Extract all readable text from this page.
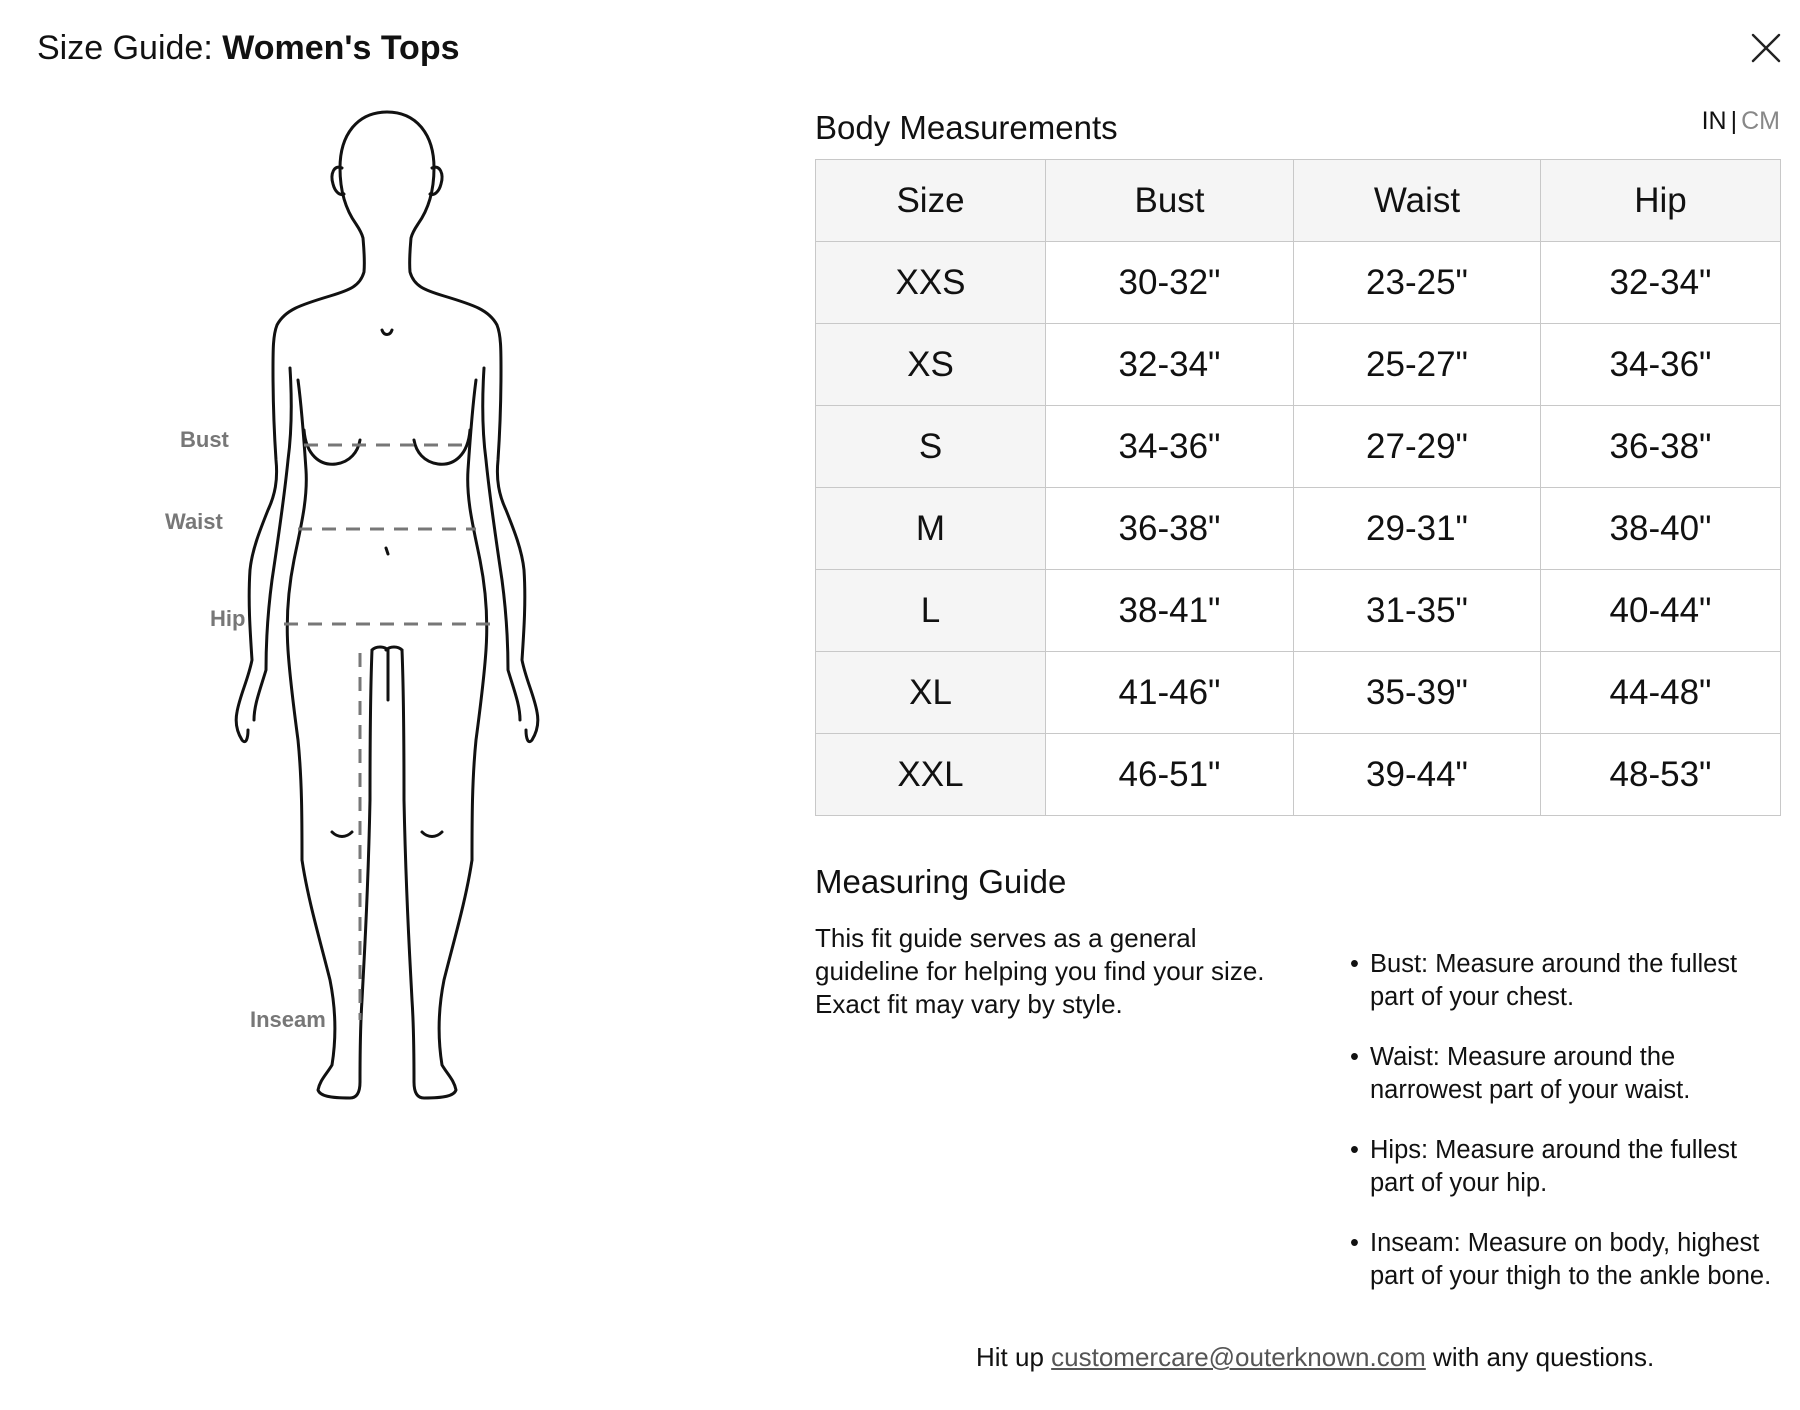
Size Guide: Women's Tops
Bust
Waist
Hip
Inseam
Body Measurements	IN | CM
Size	Bust	Waist	Hip
XXS	30-32"	23-25"	32-34"
XS	32-34"	25-27"	34-36"
S	34-36"	27-29"	36-38"
M	36-38"	29-31"	38-40"
L	38-41"	31-35"	40-44"
XL	41-46"	35-39"	44-48"
XXL	46-51"	39-44"	48-53"
Measuring Guide
This fit guide serves as a general guideline for helping you find your size. Exact fit may vary by style.
• Bust: Measure around the fullest part of your chest.
• Waist: Measure around the narrowest part of your waist.
• Hips: Measure around the fullest part of your hip.
• Inseam: Measure on body, highest part of your thigh to the ankle bone.
Hit up customercare@outerknown.com with any questions.
